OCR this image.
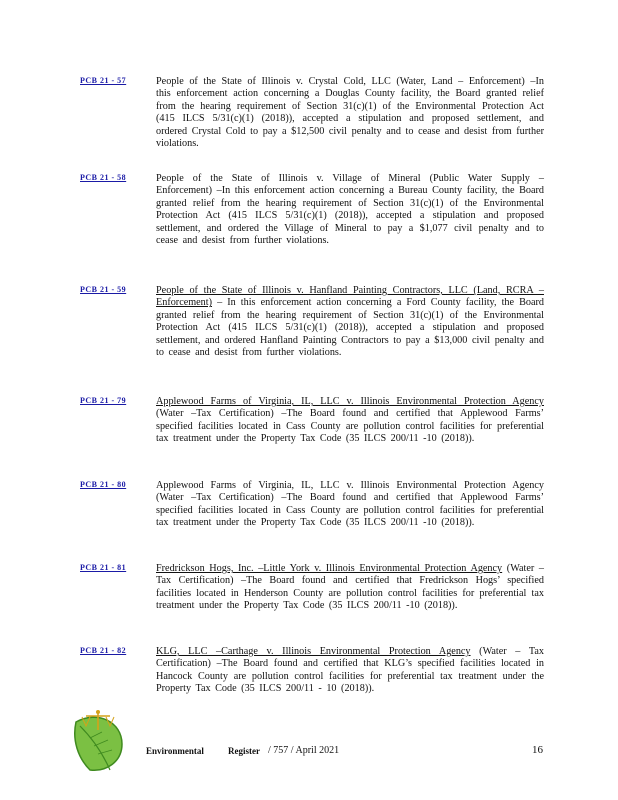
PCB 21 - 57	People of the State of Illinois v. Crystal Cold, LLC (Water, Land – Enforcement) –In this enforcement action concerning a Douglas County facility, the Board granted relief from the hearing requirement of Section 31(c)(1) of the Environmental Protection Act (415 ILCS 5/31(c)(1) (2018)), accepted a stipulation and proposed settlement, and ordered Crystal Cold to pay a $12,500 civil penalty and to cease and desist from further violations.
PCB 21 - 58	People of the State of Illinois v. Village of Mineral (Public Water Supply – Enforcement) –In this enforcement action concerning a Bureau County facility, the Board granted relief from the hearing requirement of Section 31(c)(1) of the Environmental Protection Act (415 ILCS 5/31(c)(1) (2018)), accepted a stipulation and proposed settlement, and ordered the Village of Mineral to pay a $1,077 civil penalty and to cease and desist from further violations.
PCB 21 - 59	People of the State of Illinois v. Hanfland Painting Contractors, LLC (Land, RCRA –Enforcement) – In this enforcement action concerning a Ford County facility, the Board granted relief from the hearing requirement of Section 31(c)(1) of the Environmental Protection Act (415 ILCS 5/31(c)(1) (2018)), accepted a stipulation and proposed settlement, and ordered Hanfland Painting Contractors to pay a $13,000 civil penalty and to cease and desist from further violations.
PCB 21 - 79	Applewood Farms of Virginia, IL, LLC v. Illinois Environmental Protection Agency (Water –Tax Certification) –The Board found and certified that Applewood Farms’ specified facilities located in Cass County are pollution control facilities for preferential tax treatment under the Property Tax Code (35 ILCS 200/11 -10 (2018)).
PCB 21 - 80	Applewood Farms of Virginia, IL, LLC v. Illinois Environmental Protection Agency (Water –Tax Certification) –The Board found and certified that Applewood Farms’ specified facilities located in Cass County are pollution control facilities for preferential tax treatment under the Property Tax Code (35 ILCS 200/11 -10 (2018)).
PCB 21 - 81	Fredrickson Hogs, Inc. –Little York v. Illinois Environmental Protection Agency (Water –Tax Certification) –The Board found and certified that Fredrickson Hogs’ specified facilities located in Henderson County are pollution control facilities for preferential tax treatment under the Property Tax Code (35 ILCS 200/11 -10 (2018)).
PCB 21 - 82	KLG, LLC –Carthage v. Illinois Environmental Protection Agency (Water – Tax Certification) –The Board found and certified that KLG’s specified facilities located in Hancock County are pollution control facilities for preferential tax treatment under the Property Tax Code (35 ILCS 200/11 - 10 (2018)).
Environmental	Register / 757 / April 2021	16
